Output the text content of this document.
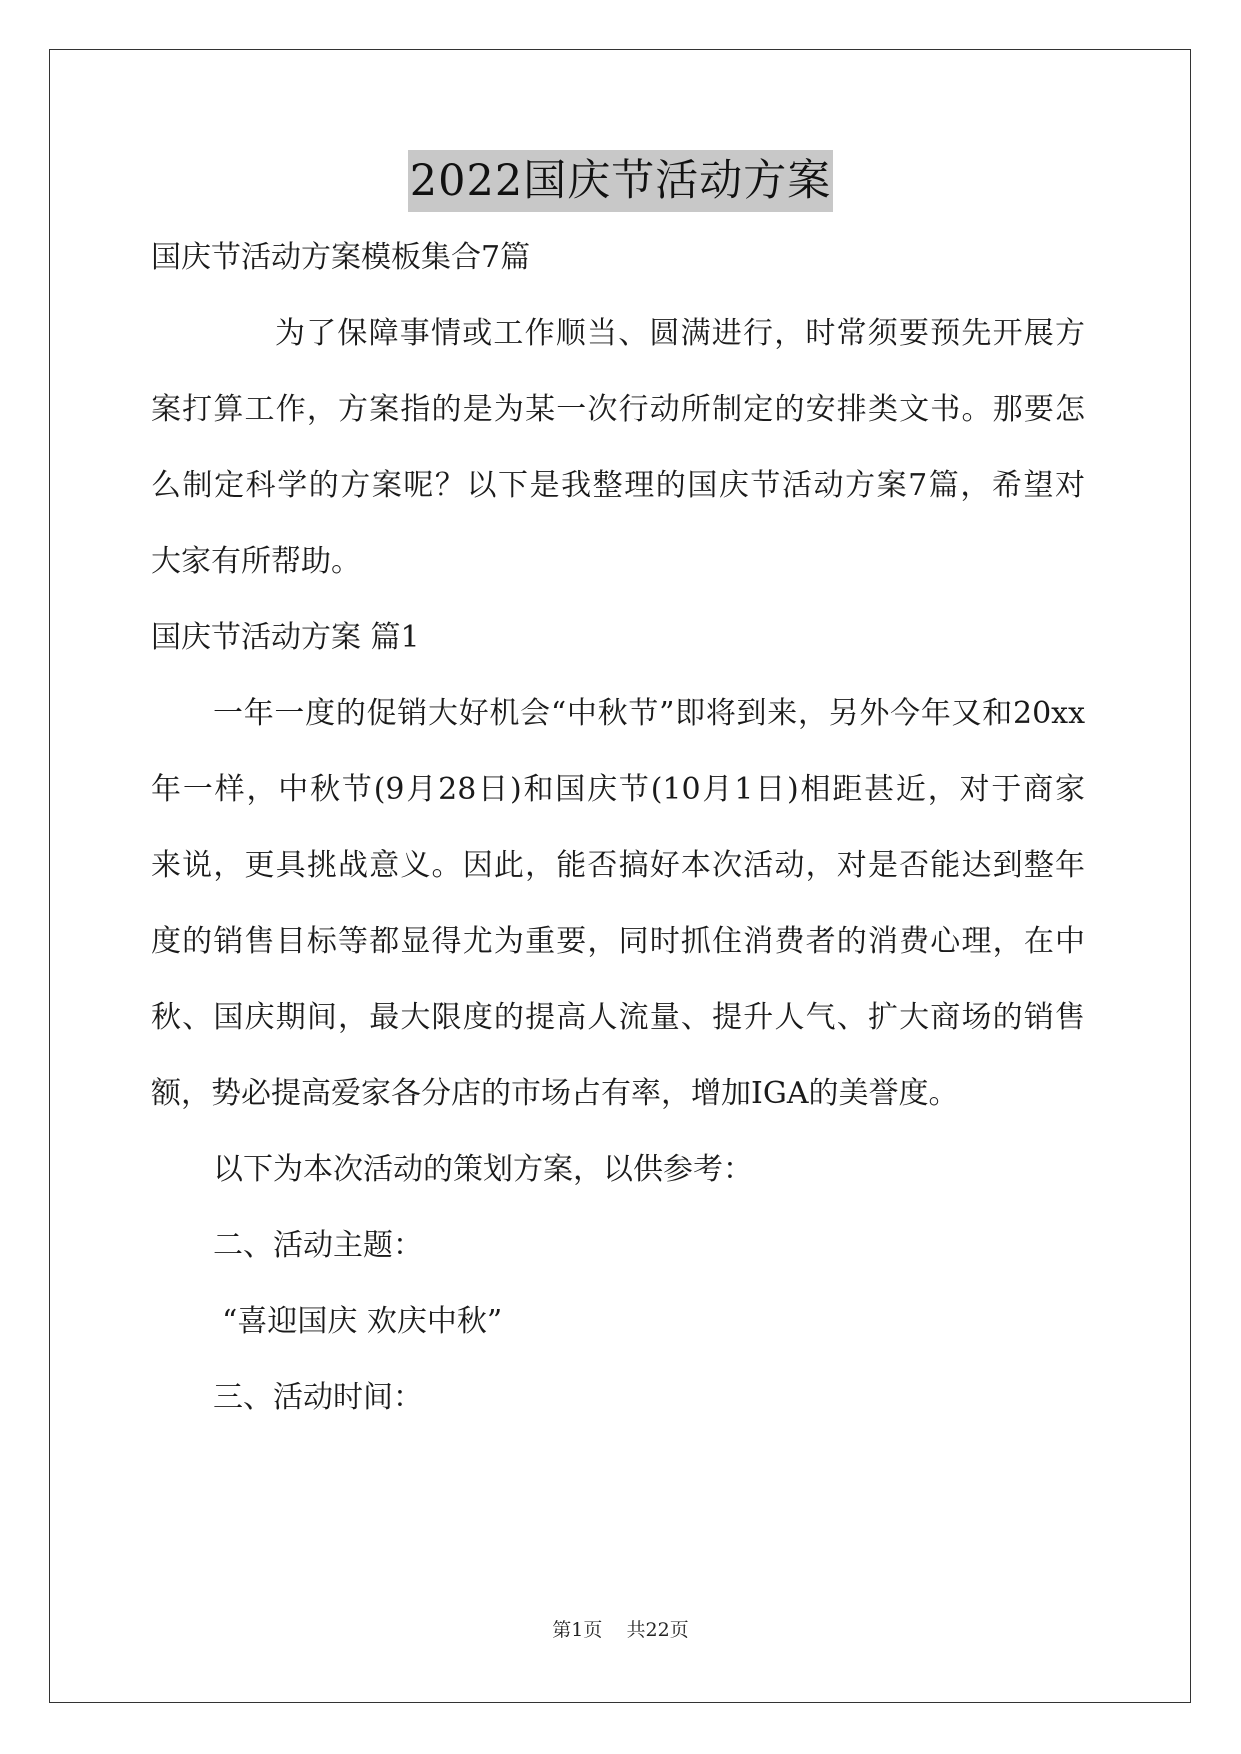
2022国庆节活动方案
国庆节活动方案模板集合7篇
为了保障事情或工作顺当、圆满进行，时常须要预先开展方
案打算工作，方案指的是为某一次行动所制定的安排类文书。那要怎
么制定科学的方案呢？以下是我整理的国庆节活动方案7篇，希望对
大家有所帮助。
国庆节活动方案 篇1
一年一度的促销大好机会“中秋节”即将到来，另外今年又和20xx
年一样，中秋节(9月28日)和国庆节(10月1日)相距甚近，对于商家
来说，更具挑战意义。因此，能否搞好本次活动，对是否能达到整年
度的销售目标等都显得尤为重要，同时抓住消费者的消费心理，在中
秋、国庆期间，最大限度的提高人流量、提升人气、扩大商场的销售
额，势必提高爱家各分店的市场占有率，增加IGA的美誉度。
以下为本次活动的策划方案，以供参考：
二、活动主题：
“喜迎国庆 欢庆中秋”
三、活动时间：
第1页    共22页
